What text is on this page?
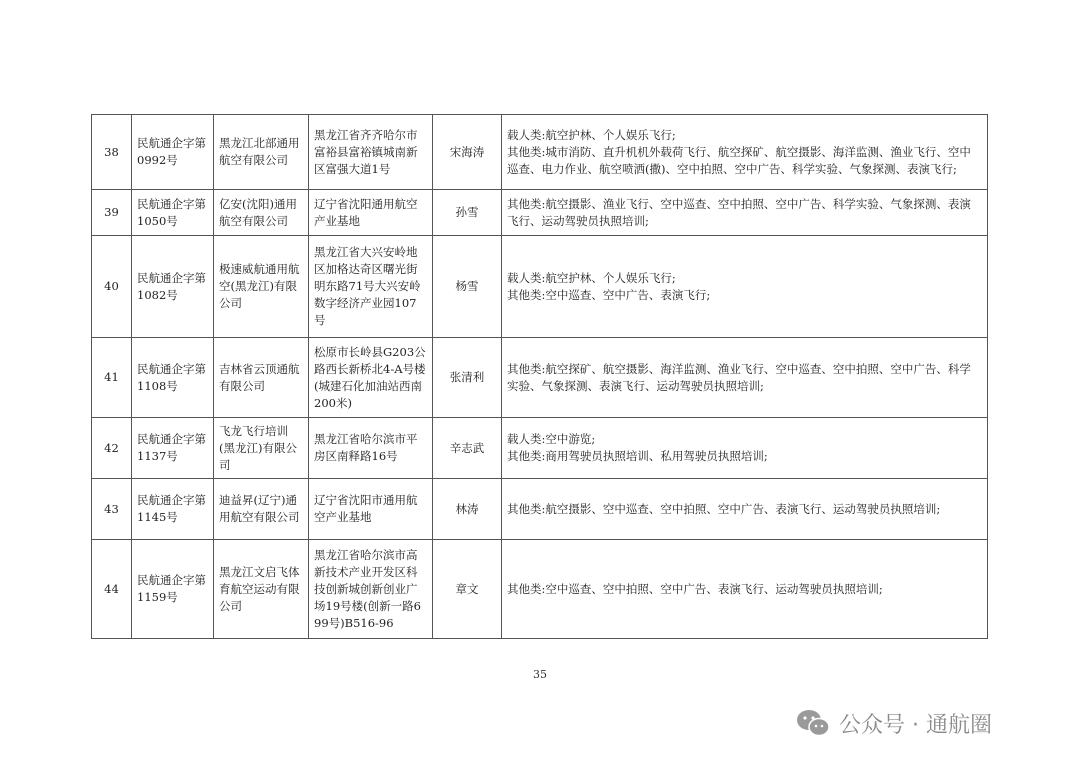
38	民航通企字第0992号	黑龙江北部通用航空有限公司	黑龙江省齐齐哈尔市富裕县富裕镇城南新区富强大道1号	宋海涛	载人类:航空护林、个人娱乐飞行;
其他类:城市消防、直升机机外载荷飞行、航空探矿、航空摄影、海洋监测、渔业飞行、空中巡查、电力作业、航空喷洒(撒)、空中拍照、空中广告、科学实验、气象探测、表演飞行;

39	民航通企字第1050号	亿安(沈阳)通用航空有限公司	辽宁省沈阳通用航空产业基地	孙雪	其他类:航空摄影、渔业飞行、空中巡查、空中拍照、空中广告、科学实验、气象探测、表演飞行、运动驾驶员执照培训;

40	民航通企字第1082号	极速威航通用航空(黑龙江)有限公司	黑龙江省大兴安岭地区加格达奇区曙光街明东路71号大兴安岭数字经济产业园107号	杨雪	载人类:航空护林、个人娱乐飞行;
其他类:空中巡查、空中广告、表演飞行;

41	民航通企字第1108号	吉林省云顶通航有限公司	松原市长岭县G203公路西长新桥北4-A号楼(城建石化加油站西南200米)	张清利	其他类:航空探矿、航空摄影、海洋监测、渔业飞行、空中巡查、空中拍照、空中广告、科学实验、气象探测、表演飞行、运动驾驶员执照培训;

42	民航通企字第1137号	飞龙飞行培训(黑龙江)有限公司	黑龙江省哈尔滨市平房区南释路16号	辛志武	载人类:空中游览;
其他类:商用驾驶员执照培训、私用驾驶员执照培训;

43	民航通企字第1145号	迪益昇(辽宁)通用航空有限公司	辽宁省沈阳市通用航空产业基地	林涛	其他类:航空摄影、空中巡查、空中拍照、空中广告、表演飞行、运动驾驶员执照培训;

44	民航通企字第1159号	黑龙江文启飞体育航空运动有限公司	黑龙江省哈尔滨市高新技术产业开发区科技创新城创新创业广场19号楼(创新一路699号)B516-96	章文	其他类:空中巡查、空中拍照、空中广告、表演飞行、运动驾驶员执照培训;
35
公众号 · 通航圈
